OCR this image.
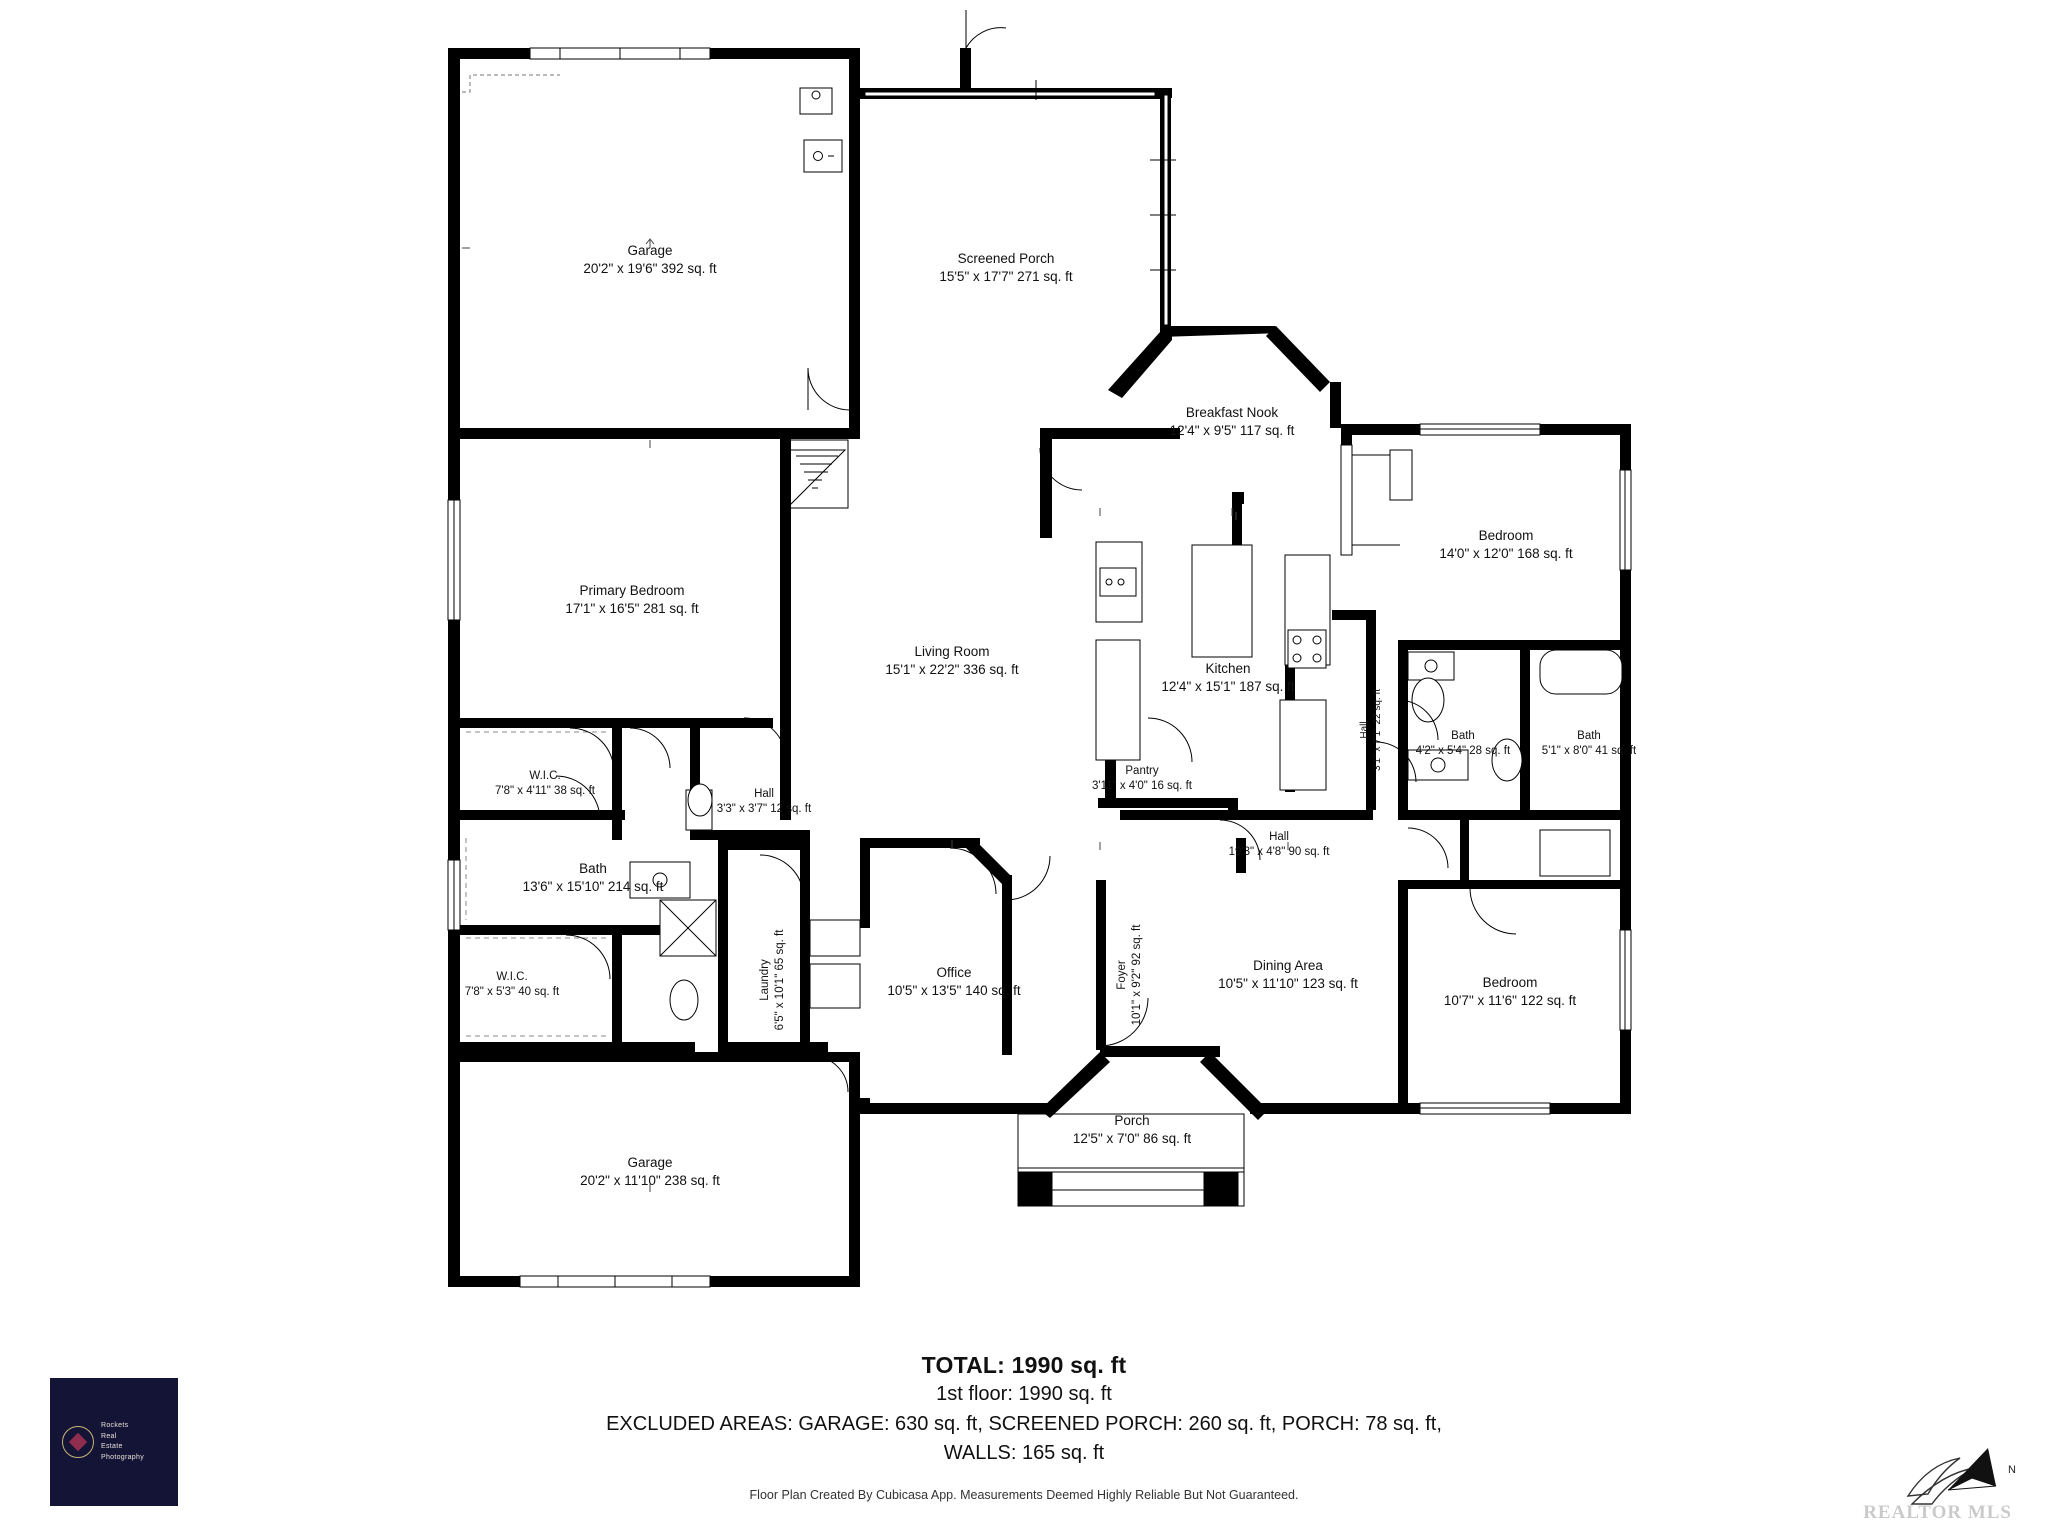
Garage
20'2" x 19'6" 392 sq. ft
Screened Porch
15'5" x 17'7" 271 sq. ft
Breakfast Nook
12'4" x 9'5" 117 sq. ft
Bedroom
14'0" x 12'0" 168 sq. ft
Primary Bedroom
17'1" x 16'5" 281 sq. ft
Living Room
15'1" x 22'2" 336 sq. ft	Kitchen
12'4" x 15'1" 187 sq. ft
W.I.C.
7'8" x 4'11" 38 sq. ft	Hall
3'3" x 3'7" 12 sq. ft
Pantry
3'11" x 4'0" 16 sq. ft
Bath
4'2" x 5'4" 28 sq. ft
Bath
5'1" x 8'0" 41 sq. ft
Hall 3'1" x 7'1" 22 sq. ft
Hall
19'3" x 4'8" 90 sq. ft
Bath
13'6" x 15'10" 214 sq. ft
Laundry 6'5" x 10'1" 65 sq. ft
W.I.C.
7'8" x 5'3" 40 sq. ft
Office
10'5" x 13'5" 140 sq. ft
Foyer 10'1" x 9'2" 92 sq. ft	Dining Area
10'5" x 11'10" 123 sq. ft	Bedroom
10'7" x 11'6" 122 sq. ft
Garage
20'2" x 11'10" 238 sq. ft
Porch
12'5" x 7'0" 86 sq. ft
TOTAL: 1990 sq. ft
1st floor: 1990 sq. ft
EXCLUDED AREAS: GARAGE: 630 sq. ft, SCREENED PORCH: 260 sq. ft, PORCH: 78 sq. ft,
WALLS: 165 sq. ft
Floor Plan Created By Cubicasa App. Measurements Deemed Highly Reliable But Not Guaranteed.
Rockets
Real
Estate
Photography
N
REALTOR MLS
